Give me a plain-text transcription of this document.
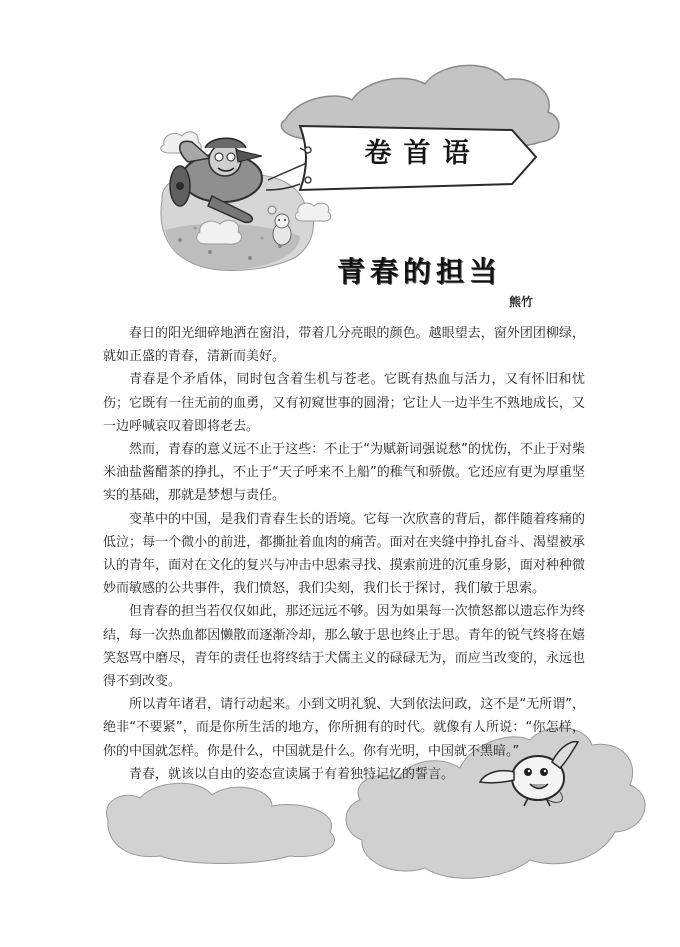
卷首语
青春的担当
熊竹

春日的阳光细碎地洒在窗沿，带着几分亮眼的颜色。越眼望去，窗外团团柳绿，就如正盛的青春，清新而美好。

青春是个矛盾体，同时包含着生机与苍老。它既有热血与活力，又有怀旧和忧伤；它既有一往无前的血勇，又有初窥世事的圆滑；它让人一边半生不熟地成长，又一边呼喊哀叹着即将老去。

然而，青春的意义远不止于这些：不止于“为赋新词强说愁”的忧伤，不止于对柴米油盐酱醋茶的挣扎，不止于“天子呼来不上船”的稚气和骄傲。它还应有更为厚重坚实的基础，那就是梦想与责任。

变革中的中国，是我们青春生长的语境。它每一次欣喜的背后，都伴随着疼痛的低泣；每一个微小的前进，都撕扯着血肉的痛苦。面对在夹缝中挣扎奋斗、渴望被承认的青年，面对在文化的复兴与冲击中思索寻找、摸索前进的沉重身影，面对种种微妙而敏感的公共事件，我们愤怒，我们尖刻，我们长于探讨，我们敏于思索。

但青春的担当若仅仅如此，那还远远不够。因为如果每一次愤怒都以遗忘作为终结，每一次热血都因懒散而逐渐冷却，那么敏于思也终止于思。青年的锐气终将在嬉笑怒骂中磨尽，青年的责任也将终结于犬儒主义的碌碌无为，而应当改变的，永远也得不到改变。

所以青年诸君，请行动起来。小到文明礼貌、大到依法问政，这不是“无所谓”，绝非“不要紧”，而是你所生活的地方，你所拥有的时代。就像有人所说：“你怎样，你的中国就怎样。你是什么，中国就是什么。你有光明，中国就不黑暗。”

青春，就该以自由的姿态宣读属于有着独特记忆的誓言。
